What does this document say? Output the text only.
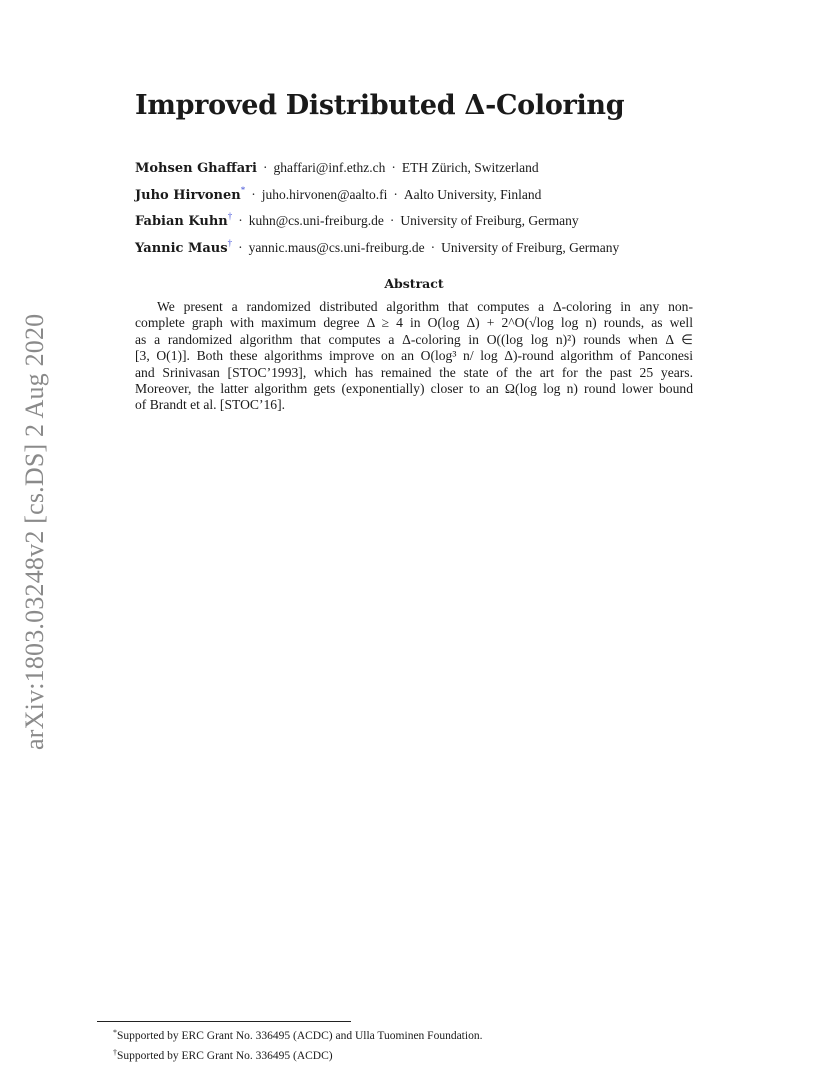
arXiv:1803.03248v2 [cs.DS] 2 Aug 2020
Improved Distributed Δ-Coloring
Mohsen Ghaffari · ghaffari@inf.ethz.ch · ETH Zürich, Switzerland
Juho Hirvonen* · juho.hirvonen@aalto.fi · Aalto University, Finland
Fabian Kuhn† · kuhn@cs.uni-freiburg.de · University of Freiburg, Germany
Yannic Maus† · yannic.maus@cs.uni-freiburg.de · University of Freiburg, Germany
Abstract
We present a randomized distributed algorithm that computes a Δ-coloring in any non-
complete graph with maximum degree Δ ≥ 4 in O(log Δ) + 2^O(√log log n) rounds, as well
as a randomized algorithm that computes a Δ-coloring in O((log log n)²) rounds when Δ ∈
[3, O(1)]. Both these algorithms improve on an O(log³ n/ log Δ)-round algorithm of Panconesi
and Srinivasan [STOC’1993], which has remained the state of the art for the past 25 years.
Moreover, the latter algorithm gets (exponentially) closer to an Ω(log log n) round lower bound
of Brandt et al. [STOC’16].
*Supported by ERC Grant No. 336495 (ACDC) and Ulla Tuominen Foundation.
†Supported by ERC Grant No. 336495 (ACDC)
